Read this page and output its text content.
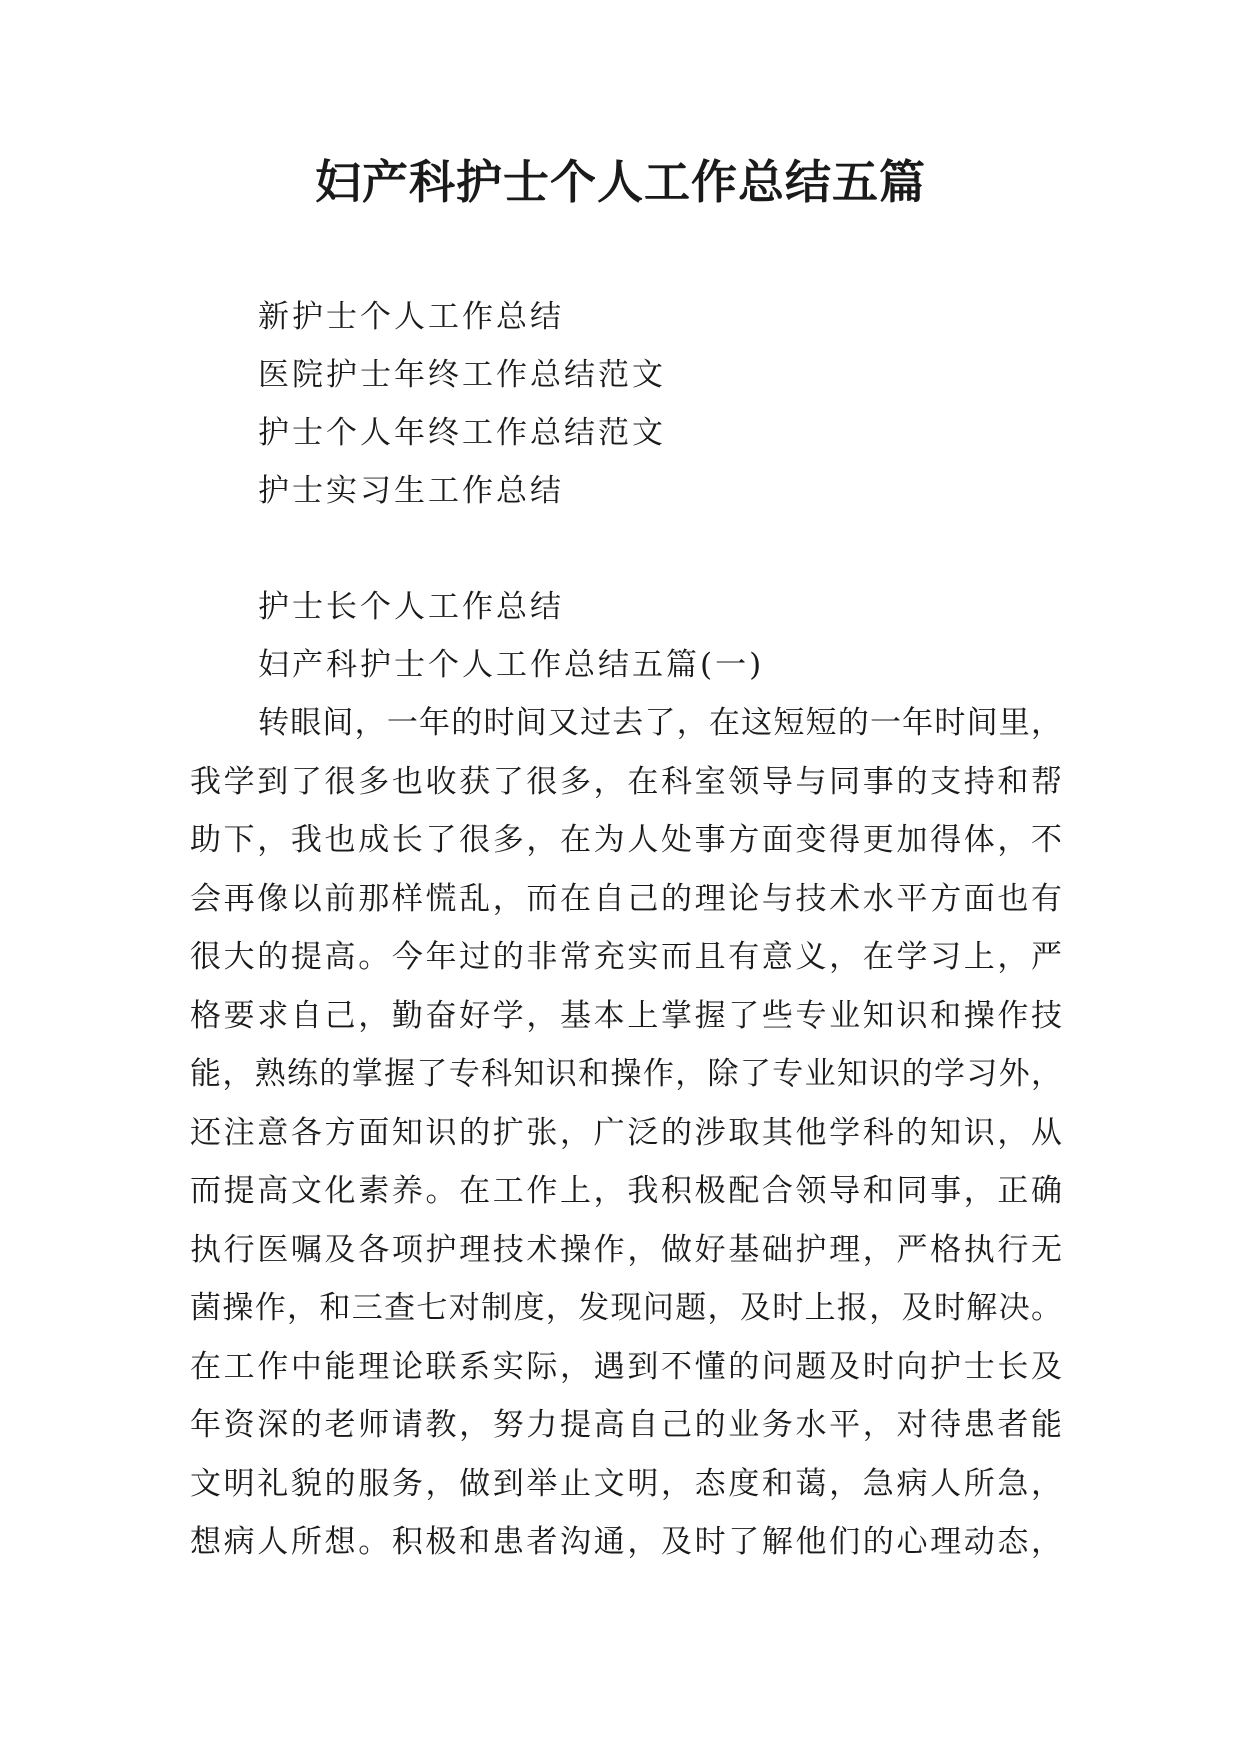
妇产科护士个人工作总结五篇
新护士个人工作总结
医院护士年终工作总结范文
护士个人年终工作总结范文
护士实习生工作总结
护士长个人工作总结

妇产科护士个人工作总结五篇(一)

转眼间，一年的时间又过去了，在这短短的一年时间里，
我学到了很多也收获了很多，在科室领导与同事的支持和帮
助下，我也成长了很多，在为人处事方面变得更加得体，不
会再像以前那样慌乱，而在自己的理论与技术水平方面也有
很大的提高。今年过的非常充实而且有意义，在学习上，严
格要求自己，勤奋好学，基本上掌握了些专业知识和操作技
能，熟练的掌握了专科知识和操作，除了专业知识的学习外，
还注意各方面知识的扩张，广泛的涉取其他学科的知识，从
而提高文化素养。在工作上，我积极配合领导和同事，正确
执行医嘱及各项护理技术操作，做好基础护理，严格执行无
菌操作，和三查七对制度，发现问题，及时上报，及时解决。
在工作中能理论联系实际，遇到不懂的问题及时向护士长及
年资深的老师请教，努力提高自己的业务水平，对待患者能
文明礼貌的服务，做到举止文明，态度和蔼，急病人所急，
想病人所想。积极和患者沟通，及时了解他们的心理动态，
